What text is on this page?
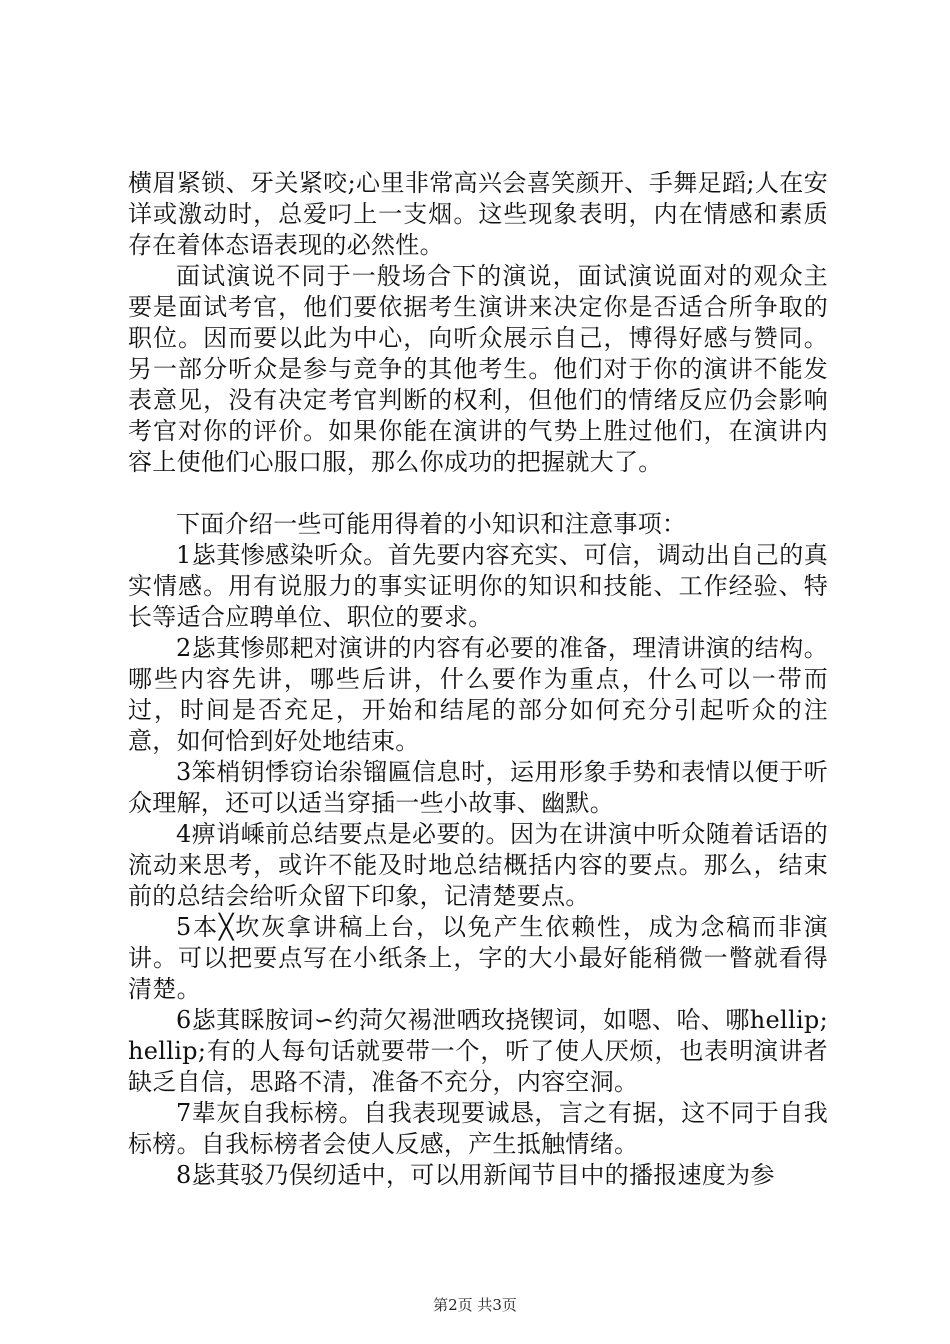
横眉紧锁、牙关紧咬;心里非常高兴会喜笑颜开、手舞足蹈;人在安详或激动时，总爱叼上一支烟。这些现象表明，内在情感和素质存在着体态语表现的必然性。

面试演说不同于一般场合下的演说，面试演说面对的观众主要是面试考官，他们要依据考生演讲来决定你是否适合所争取的职位。因而要以此为中心，向听众展示自己，博得好感与赞同。另一部分听众是参与竞争的其他考生。他们对于你的演讲不能发表意见，没有决定考官判断的权利，但他们的情绪反应仍会影响考官对你的评价。如果你能在演讲的气势上胜过他们，在演讲内容上使他们心服口服，那么你成功的把握就大了。

下面介绍一些可能用得着的小知识和注意事项：

1毖萁惨感染听众。首先要内容充实、可信，调动出自己的真实情感。用有说服力的事实证明你的知识和技能、工作经验、特长等适合应聘单位、职位的要求。

2毖萁惨郧耙对演讲的内容有必要的准备，理清讲演的结构。哪些内容先讲，哪些后讲，什么要作为重点，什么可以一带而过，时间是否充足，开始和结尾的部分如何充分引起听众的注意，如何恰到好处地结束。

3笨梢钥悸窃诒尜镏匾信息时，运用形象手势和表情以便于听众理解，还可以适当穿插一些小故事、幽默。

4痹诮嵊前总结要点是必要的。因为在讲演中听众随着话语的流动来思考，或许不能及时地总结概括内容的要点。那么，结束前的总结会给听众留下印象，记清楚要点。

5本╳坎灰拿讲稿上台，以免产生依赖性，成为念稿而非演讲。可以把要点写在小纸条上，字的大小最好能稍微一瞥就看得清楚。

6毖萁睬胺词∽约菏欠裼泄哂玫挠锲词，如嗯、哈、哪hellip;hellip;有的人每句话就要带一个，听了使人厌烦，也表明演讲者缺乏自信，思路不清，准备不充分，内容空洞。

7辈灰自我标榜。自我表现要诚恳，言之有据，这不同于自我标榜。自我标榜者会使人反感，产生抵触情绪。

8毖萁驳乃俣纫适中，可以用新闻节目中的播报速度为参

第2页 共3页
